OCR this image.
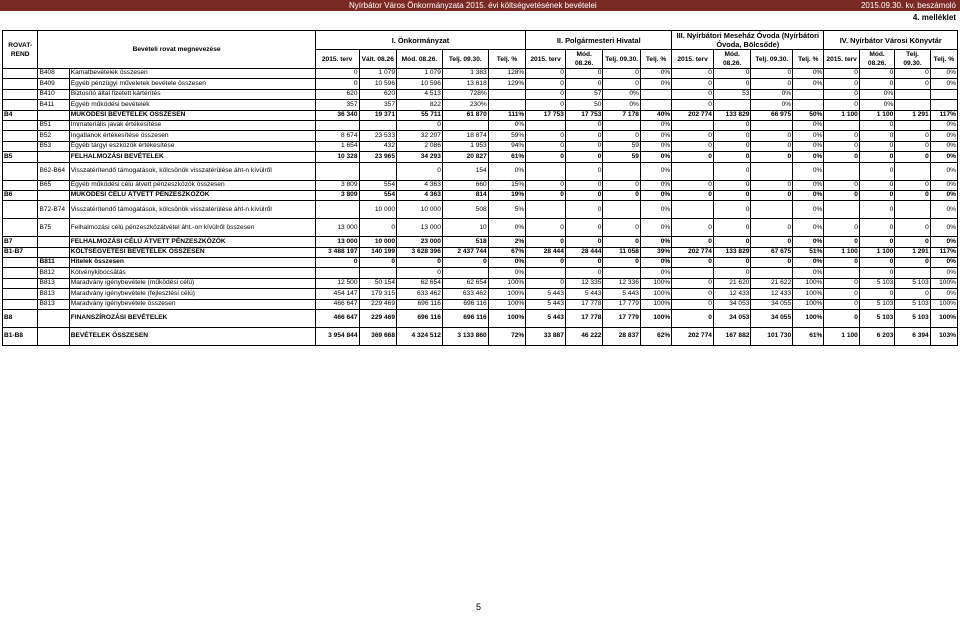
Nyírbátor Város Önkormányzata 2015. évi költségvetésének bevételei	2015.09.30. kv. beszámoló
4. melléklet
ROVAT-REND	Bevételi rovat megnevezése		I. Önkormányzat					II. Polgármesteri Hivatal				III. Nyírbátori Meseház Óvoda (Nyírbátori Óvoda, Bölcsőde)				IV. Nyírbátor Városi Könyvtár			
			2015. terv	Vált. 08.26	Mód. 08.26.	Telj. 09.30.	Telj. %	2015. terv	Mód. 08.26.	Telj. 09.30.	Telj. %	2015. terv	Mód. 08.26.	Telj. 09.30.	Telj. %	2015. terv	Mód. 08.26.	Telj. 09.30.	Telj. %
	B408	Kamatbevételek összesen	0	1 079	1 079	1 383	128%	0	0	0	0%	0	0	0	0%	0	0	0	0%
	B409	Egyéb pénzügyi műveletek bevétele összesen	0	10 596	10 596	13 618	129%	0	0	0	0%	0	0	0	0%	0	0	0	0%
	B410	Biztosító által fizetett kártérítés	620	620	4 513	728%		0	57	0%		0	53	0%		0	0%		
	B411	Egyéb működési bevételek	357	357	822	230%		0	50	0%		0		0%		0	0%		
B4		MŰKÖDÉSI BEVÉTELEK ÖSSZESEN	36 340	19 371	55 711	61 870	111%	17 753	17 753	7 178	40%	202 774	133 829	66 975	50%	1 100	1 100	1 291	117%
	B51	Immateriális javak értékesítése			0		0%		0		0%		0		0%		0		0%
	B52	Ingatlanok értékesítése összesen	8 674	23 533	32 207	18 874	59%	0	0	0	0%	0	0	0	0%	0	0	0	0%
	B53	Egyéb tárgyi eszközök értékesítése	1 654	432	2 086	1 953	94%	0	0	59	0%	0	0	0	0%	0	0	0	0%
B5		FELHALMOZÁSI BEVÉTELEK	10 328	23 965	34 293	20 827	61%	0	0	59	0%	0	0	0	0%	0	0	0	0%
	B62-B64	Visszatérítendő támogatások, kölcsönök visszatérülése áht-n kívülről			0	154	0%		0		0%		0		0%		0		0%
	B65	Egyéb működési célú átvett pénzeszközök összesen	3 809	554	4 363	660	15%	0	0	0	0%	0	0	0	0%	0	0	0	0%
B6		MŰKÖDÉSI CÉLÚ ÁTVETT PÉNZESZKÖZÖK	3 809	554	4 363	814	19%	0	0	0	0%	0	0	0	0%	0	0	0	0%
	B72-B74	Visszatérítendő támogatások, kölcsönök visszatérülése áht-n kívülről		10 000	10 000	508	5%		0		0%		0		0%		0		0%
	B75	Felhalmozási célú pénzeszközátvétel áht.-on kívülről összesen	13 000	0	13 000	10	0%	0	0	0	0%	0	0	0	0%	0	0	0	0%
B7		FELHALMOZÁSI CÉLÚ ÁTVETT PÉNZESZKÖZÖK	13 000	10 000	23 000	518	2%	0	0	0	0%	0	0	0	0%	0	0	0	0%
B1-B7		KÖLTSÉGVETÉSI BEVÉTELEK ÖSSZESEN	3 488 197	140 199	3 628 396	2 437 744	67%	28 444	28 444	11 058	39%	202 774	133 829	67 675	51%	1 100	1 100	1 291	117%
	B811	Hitelek összesen	0	0	0	0	0%	0	0	0	0%	0	0	0	0%	0	0	0	0%
	B812	Kötvénykibocsátás			0		0%		0		0%		0		0%		0		0%
	B813	Maradvány igénybevétele (működési célú)	12 500	50 154	62 654	62 654	100%	0	12 335	12 336	100%	0	21 620	21 622	100%	0	5 103	5 103	100%
	B813	Maradvány igénybevétele (fejlesztési célú)	454 147	179 315	633 462	633 462	100%	5 443	5 443	5 443	100%	0	12 433	12 433	100%	0	0	0	0%
	B813	Maradvány igénybevétele összesen	466 647	229 469	696 116	696 116	100%	5 443	17 778	17 779	100%	0	34 053	34 055	100%	0	5 103	5 103	100%
B8		FINANSZÍROZÁSI BEVÉTELEK	466 647	229 469	696 116	696 116	100%	5 443	17 778	17 779	100%	0	34 053	34 055	100%	0	5 103	5 103	100%
B1-B8		BEVÉTELEK ÖSSZESEN	3 954 844	369 668	4 324 512	3 133 860	72%	33 887	46 222	28 837	62%	202 774	167 882	101 730	61%	1 100	6 203	6 394	103%
5
